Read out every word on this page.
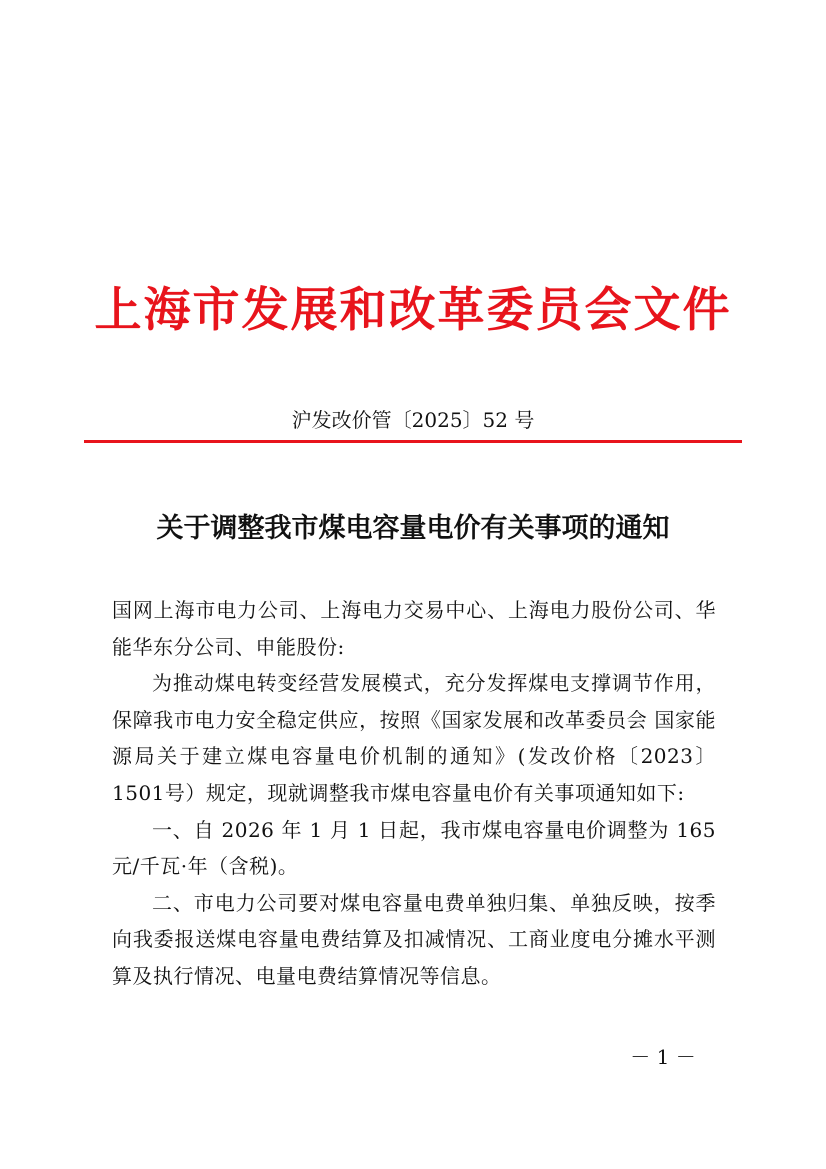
上海市发展和改革委员会文件
沪发改价管〔2025〕52 号
关于调整我市煤电容量电价有关事项的通知

国网上海市电力公司、上海电力交易中心、上海电力股份公司、华能华东分公司、申能股份:

为推动煤电转变经营发展模式，充分发挥煤电支撑调节作用，保障我市电力安全稳定供应，按照《国家发展和改革委员会 国家能源局关于建立煤电容量电价机制的通知》(发改价格〔2023〕1501号）规定，现就调整我市煤电容量电价有关事项通知如下:

一、自 2026 年 1 月 1 日起，我市煤电容量电价调整为 165 元/千瓦·年（含税)。

二、市电力公司要对煤电容量电费单独归集、单独反映，按季向我委报送煤电容量电费结算及扣减情况、工商业度电分摊水平测算及执行情况、电量电费结算情况等信息。

－ 1 －
